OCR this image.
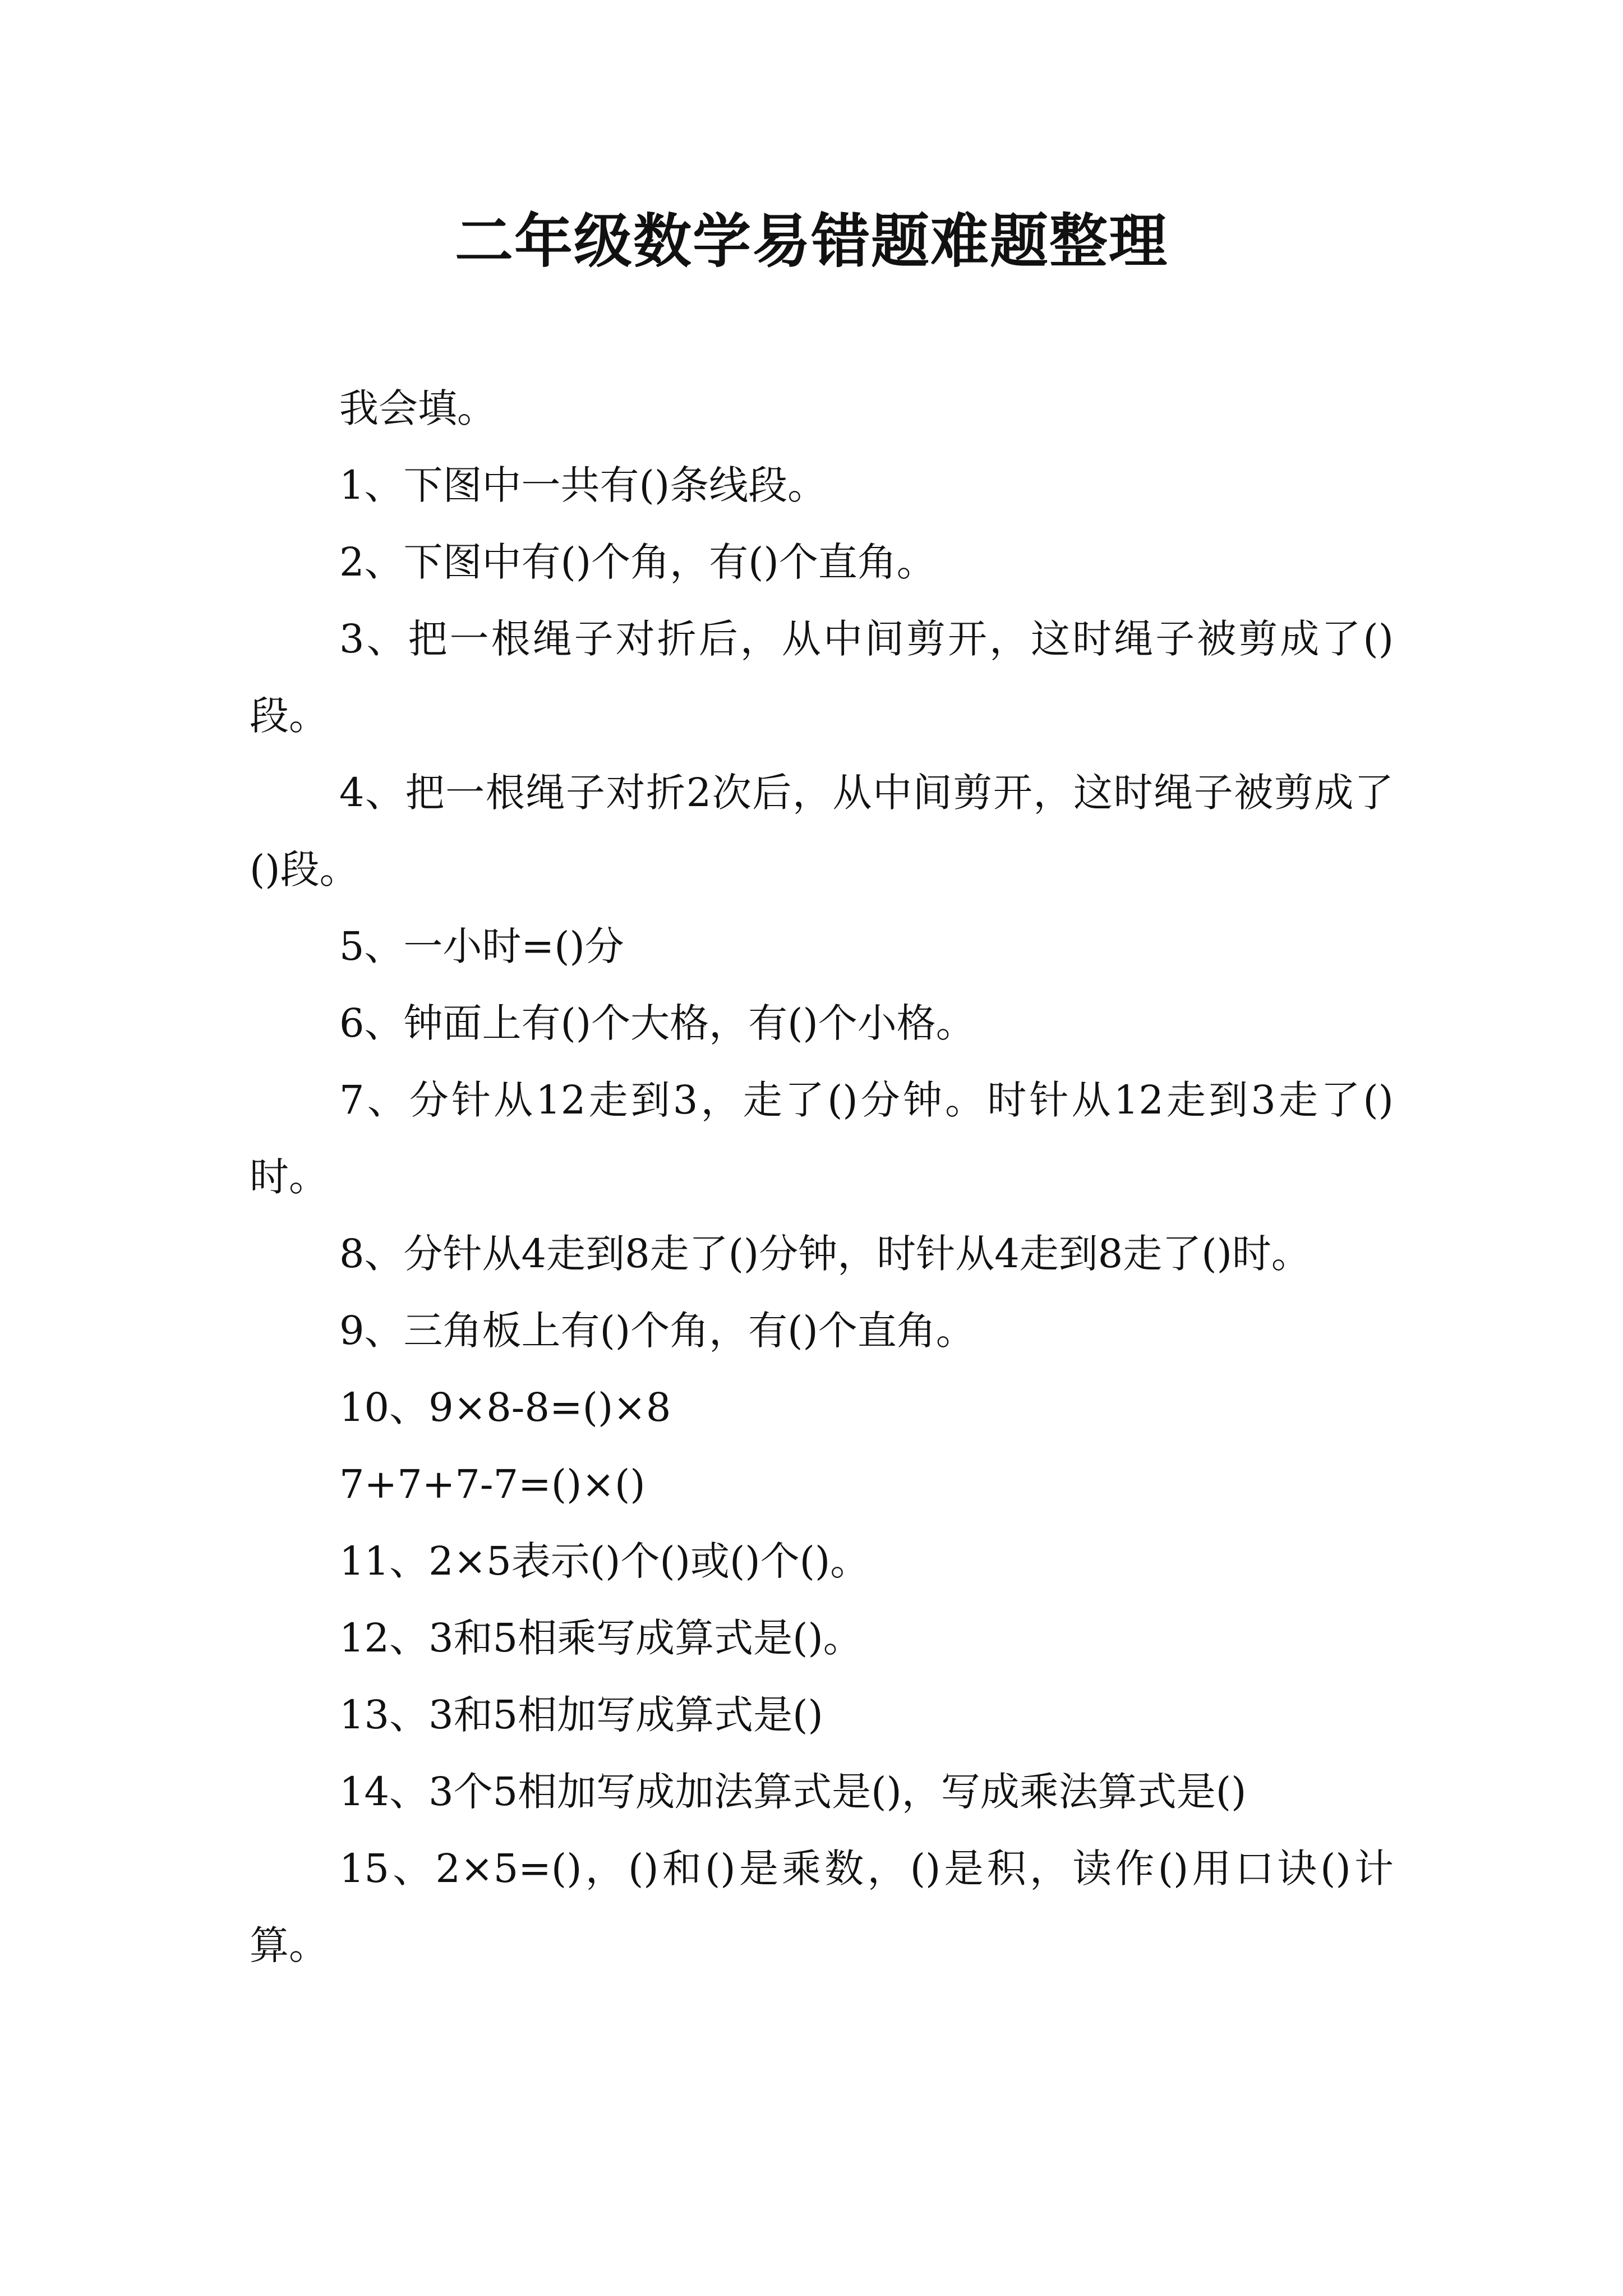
二年级数学易错题难题整理

我会填。

1、下图中一共有()条线段。

2、下图中有()个角，有()个直角。

3、把一根绳子对折后，从中间剪开，这时绳子被剪成了()段。

4、把一根绳子对折2次后，从中间剪开，这时绳子被剪成了()段。

5、一小时=()分

6、钟面上有()个大格，有()个小格。

7、分针从12走到3，走了()分钟。时针从12走到3走了()时。

8、分针从4走到8走了()分钟，时针从4走到8走了()时。

9、三角板上有()个角，有()个直角。

10、9×8-8=()×8

7+7+7-7=()×()

11、2×5表示()个()或()个()。

12、3和5相乘写成算式是()。

13、3和5相加写成算式是()

14、3个5相加写成加法算式是()，写成乘法算式是()

15、2×5=()，()和()是乘数，()是积，读作()用口诀()计算。
